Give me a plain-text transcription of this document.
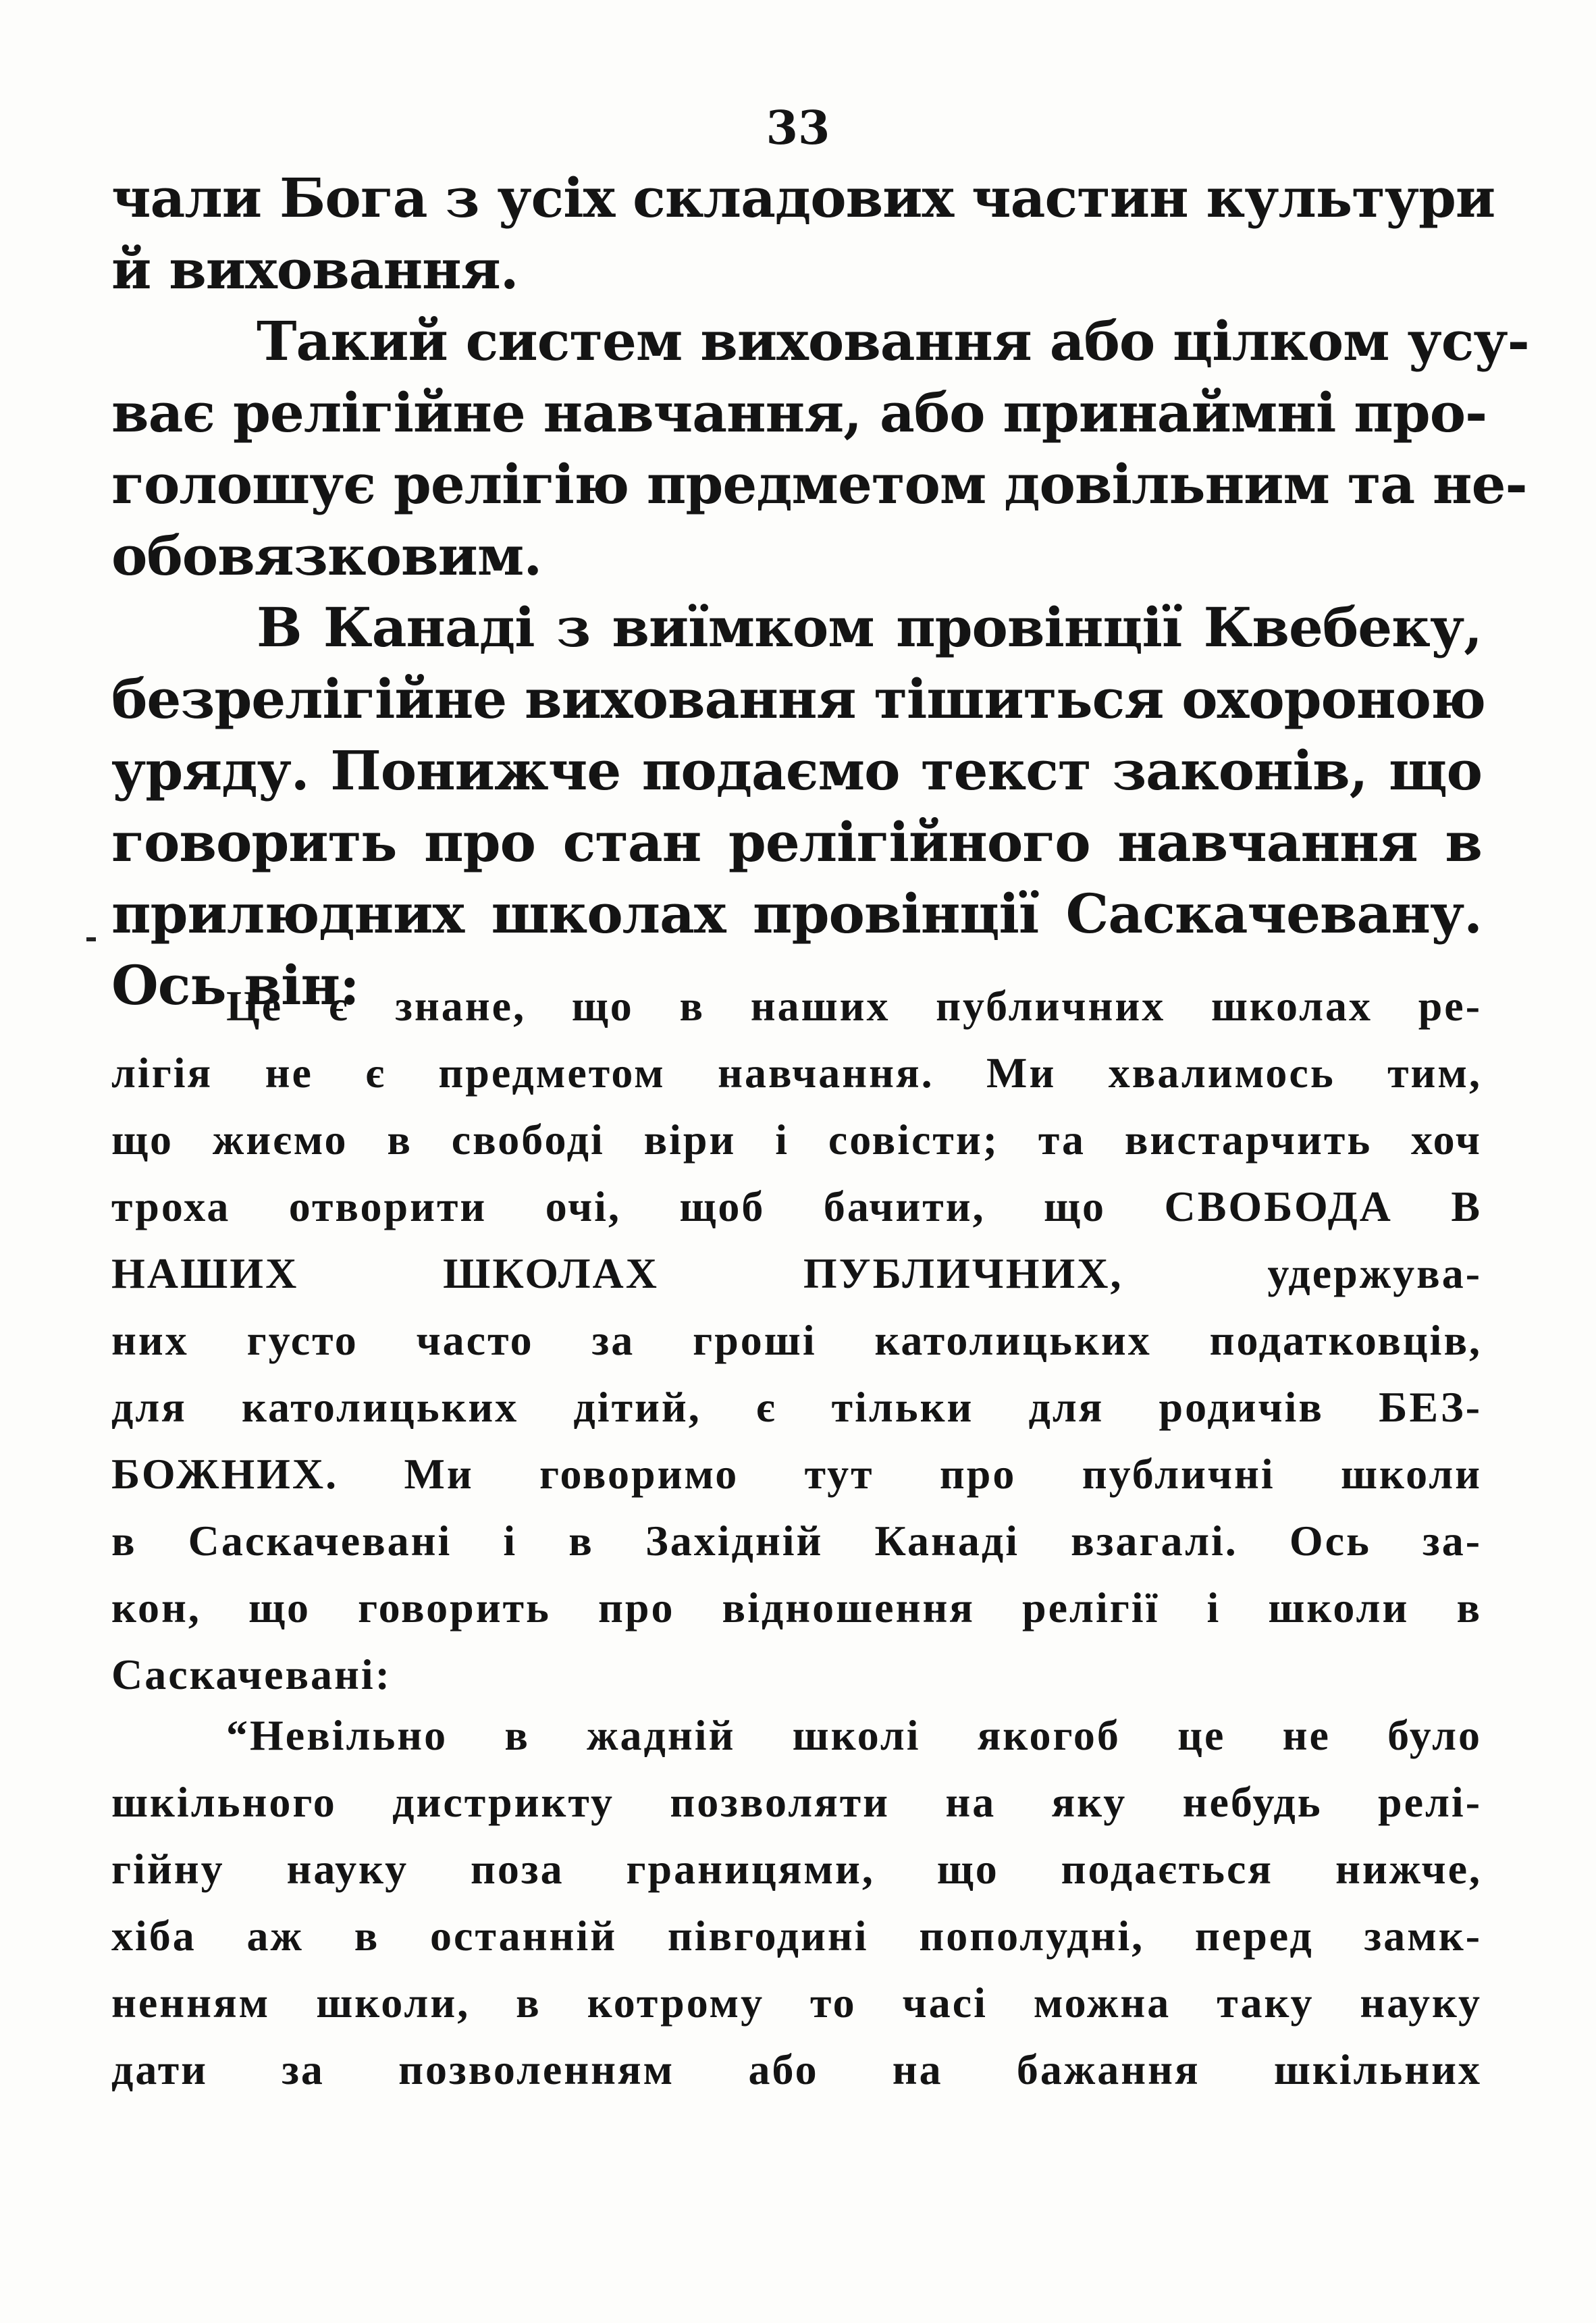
33
чали Бога з усіх складових частин культури
й виховання.
Такий систем виховання або цілком усу-
ває релігійне навчання, або принаймні про-
голошує релігію предметом довільним та не-
обовязковим.
В Канаді з виїмком провінції Квебеку,
безрелігійне виховання тішиться охороною
уряду. Понижче подаємо текст законів, що
говорить про стан релігійного навчання в
прилюдних школах провінції Саскачевану.
Ось він:
Це є знане, що в наших публичних школах ре-
лігія не є предметом навчання. Ми хвалимось тим,
що жиємо в свободі віри і совісти; та вистарчить хоч
троха отворити очі, щоб бачити, що СВОБОДА В
НАШИХ ШКОЛАХ ПУБЛИЧНИХ, удержува-
них густо часто за гроші католицьких податковців,
для католицьких дітий, є тільки для родичів БЕЗ-
БОЖНИХ. Ми говоримо тут про публичні школи
в Саскачевані і в Західній Канаді взагалі. Ось за-
кон, що говорить про відношення релігії і школи в
Саскачевані:
“Невільно в жадній школі якогоб це не було
шкільного дистрикту позволяти на яку небудь релі-
гійну науку поза границями, що подається нижче,
хіба аж в останній півгодині пополудні, перед замк-
ненням школи, в котрому то часі можна таку науку
дати за позволенням або на бажання шкільних
